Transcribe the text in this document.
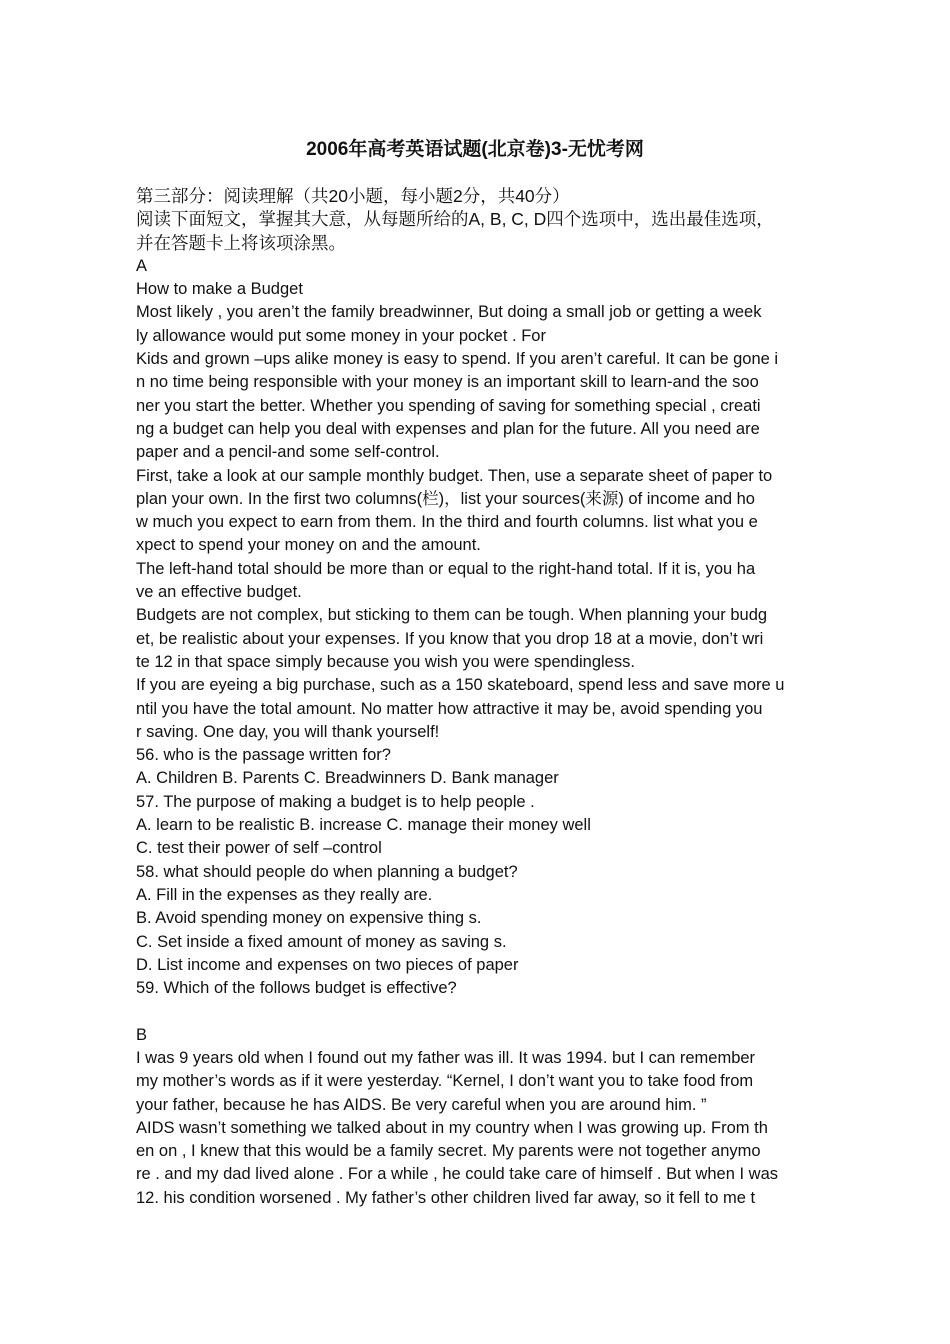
2006年高考英语试题(北京卷)3-无忧考网
第三部分：阅读理解（共20小题，每小题2分，共40分）
阅读下面短文，掌握其大意，从每题所给的A, B, C, D四个选项中，选出最佳选项，
并在答题卡上将该项涂黑。
A
How to make a Budget
Most likely , you aren’t the family breadwinner, But doing a small job or getting a week
ly allowance would put some money in your pocket . For
Kids and grown –ups alike money is easy to spend. If you aren’t careful. It can be gone i
n no time being responsible with your money is an important skill to learn-and the soo
ner you start the better. Whether you spending of saving for something special , creati
ng a budget can help you deal with expenses and plan for the future. All you need are
paper and a pencil-and some self-control.
First, take a look at our sample monthly budget. Then, use a separate sheet of paper to
plan your own. In the first two columns(栏)，list your sources(来源) of income and ho
w much you expect to earn from them. In the third and fourth columns. list what you e
xpect to spend your money on and the amount.
The left-hand total should be more than or equal to the right-hand total. If it is, you ha
ve an effective budget.
Budgets are not complex, but sticking to them can be tough. When planning your budg
et, be realistic about your expenses. If you know that you drop 18 at a movie, don’t wri
te 12 in that space simply because you wish you were spendingless.
If you are eyeing a big purchase, such as a 150 skateboard, spend less and save more u
ntil you have the total amount. No matter how attractive it may be, avoid spending you
r saving. One day, you will thank yourself!
56. who is the passage written for?
A. Children B. Parents C. Breadwinners D. Bank manager
57. The purpose of making a budget is to help people .
A. learn to be realistic B. increase C. manage their money well
C. test their power of self –control
58. what should people do when planning a budget?
A. Fill in the expenses as they really are.
B. Avoid spending money on expensive thing s.
C. Set inside a fixed amount of money as saving s.
D. List income and expenses on two pieces of paper
59. Which of the follows budget is effective?
B
I was 9 years old when I found out my father was ill. It was 1994. but I can remember
my mother’s words as if it were yesterday. “Kernel, I don’t want you to take food from
your father, because he has AIDS. Be very careful when you are around him. ”
AIDS wasn’t something we talked about in my country when I was growing up. From th
en on , I knew that this would be a family secret. My parents were not together anymo
re . and my dad lived alone . For a while , he could take care of himself . But when I was
12. his condition worsened . My father’s other children lived far away, so it fell to me t
